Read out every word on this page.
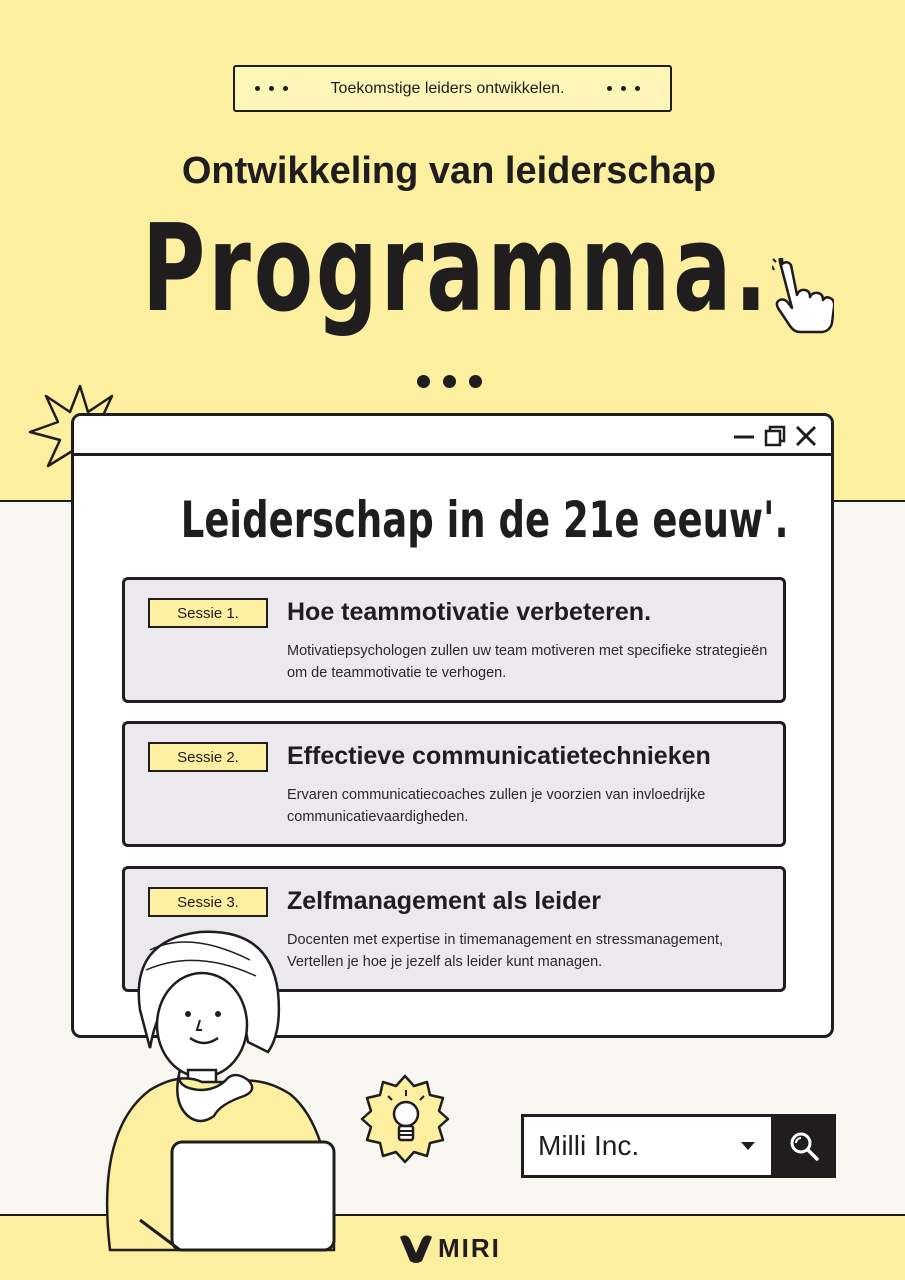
Toekomstige leiders ontwikkelen.
Ontwikkeling van leiderschap
Programma.
Leiderschap in de 21e eeuw'.
Sessie 1.	Hoe teammotivatie verbeteren.
Motivatiepsychologen zullen uw team motiveren met specifieke strategieën om de teammotivatie te verhogen.
Sessie 2.	Effectieve communicatietechnieken
Ervaren communicatiecoaches zullen je voorzien van invloedrijke communicatievaardigheden.
Sessie 3.	Zelfmanagement als leider
Docenten met expertise in timemanagement en stressmanagement, Vertellen je hoe je jezelf als leider kunt managen.
Milli Inc.
MIRI
